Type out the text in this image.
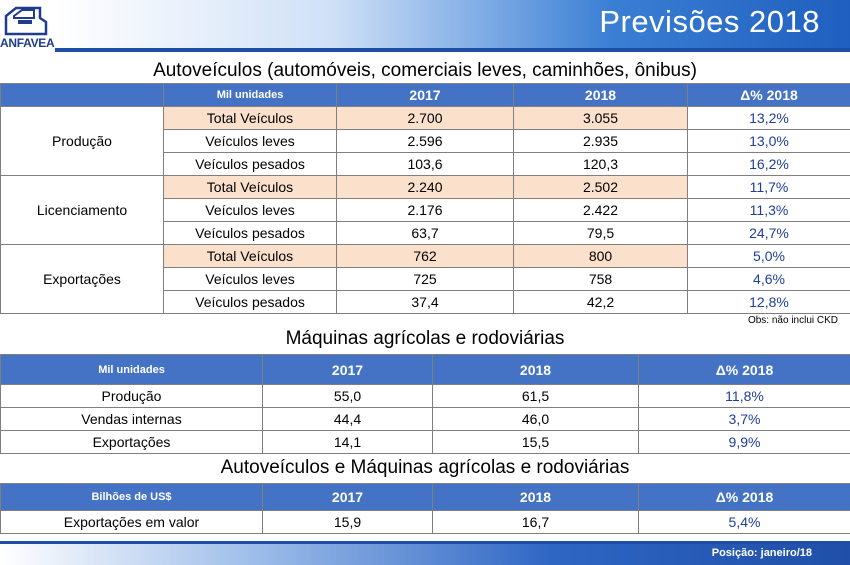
ANFAVEA
Previsões 2018
Autoveículos (automóveis, comerciais leves, caminhões, ônibus)
	Mil unidades	2017	2018	Δ% 2018
Produção	Total Veículos	2.700	3.055	13,2%
	Veículos leves	2.596	2.935	13,0%
	Veículos pesados	103,6	120,3	16,2%
Licenciamento	Total Veículos	2.240	2.502	11,7%
	Veículos leves	2.176	2.422	11,3%
	Veículos pesados	63,7	79,5	24,7%
Exportações	Total Veículos	762	800	5,0%
	Veículos leves	725	758	4,6%
	Veículos pesados	37,4	42,2	12,8%
Obs: não inclui CKD
Máquinas agrícolas e rodoviárias
Mil unidades	2017	2018	Δ% 2018
Produção	55,0	61,5	11,8%
Vendas internas	44,4	46,0	3,7%
Exportações	14,1	15,5	9,9%
Autoveículos e Máquinas agrícolas e rodoviárias
Bilhões de US$	2017	2018	Δ% 2018
Exportações em valor	15,9	16,7	5,4%
Posição: janeiro/18
